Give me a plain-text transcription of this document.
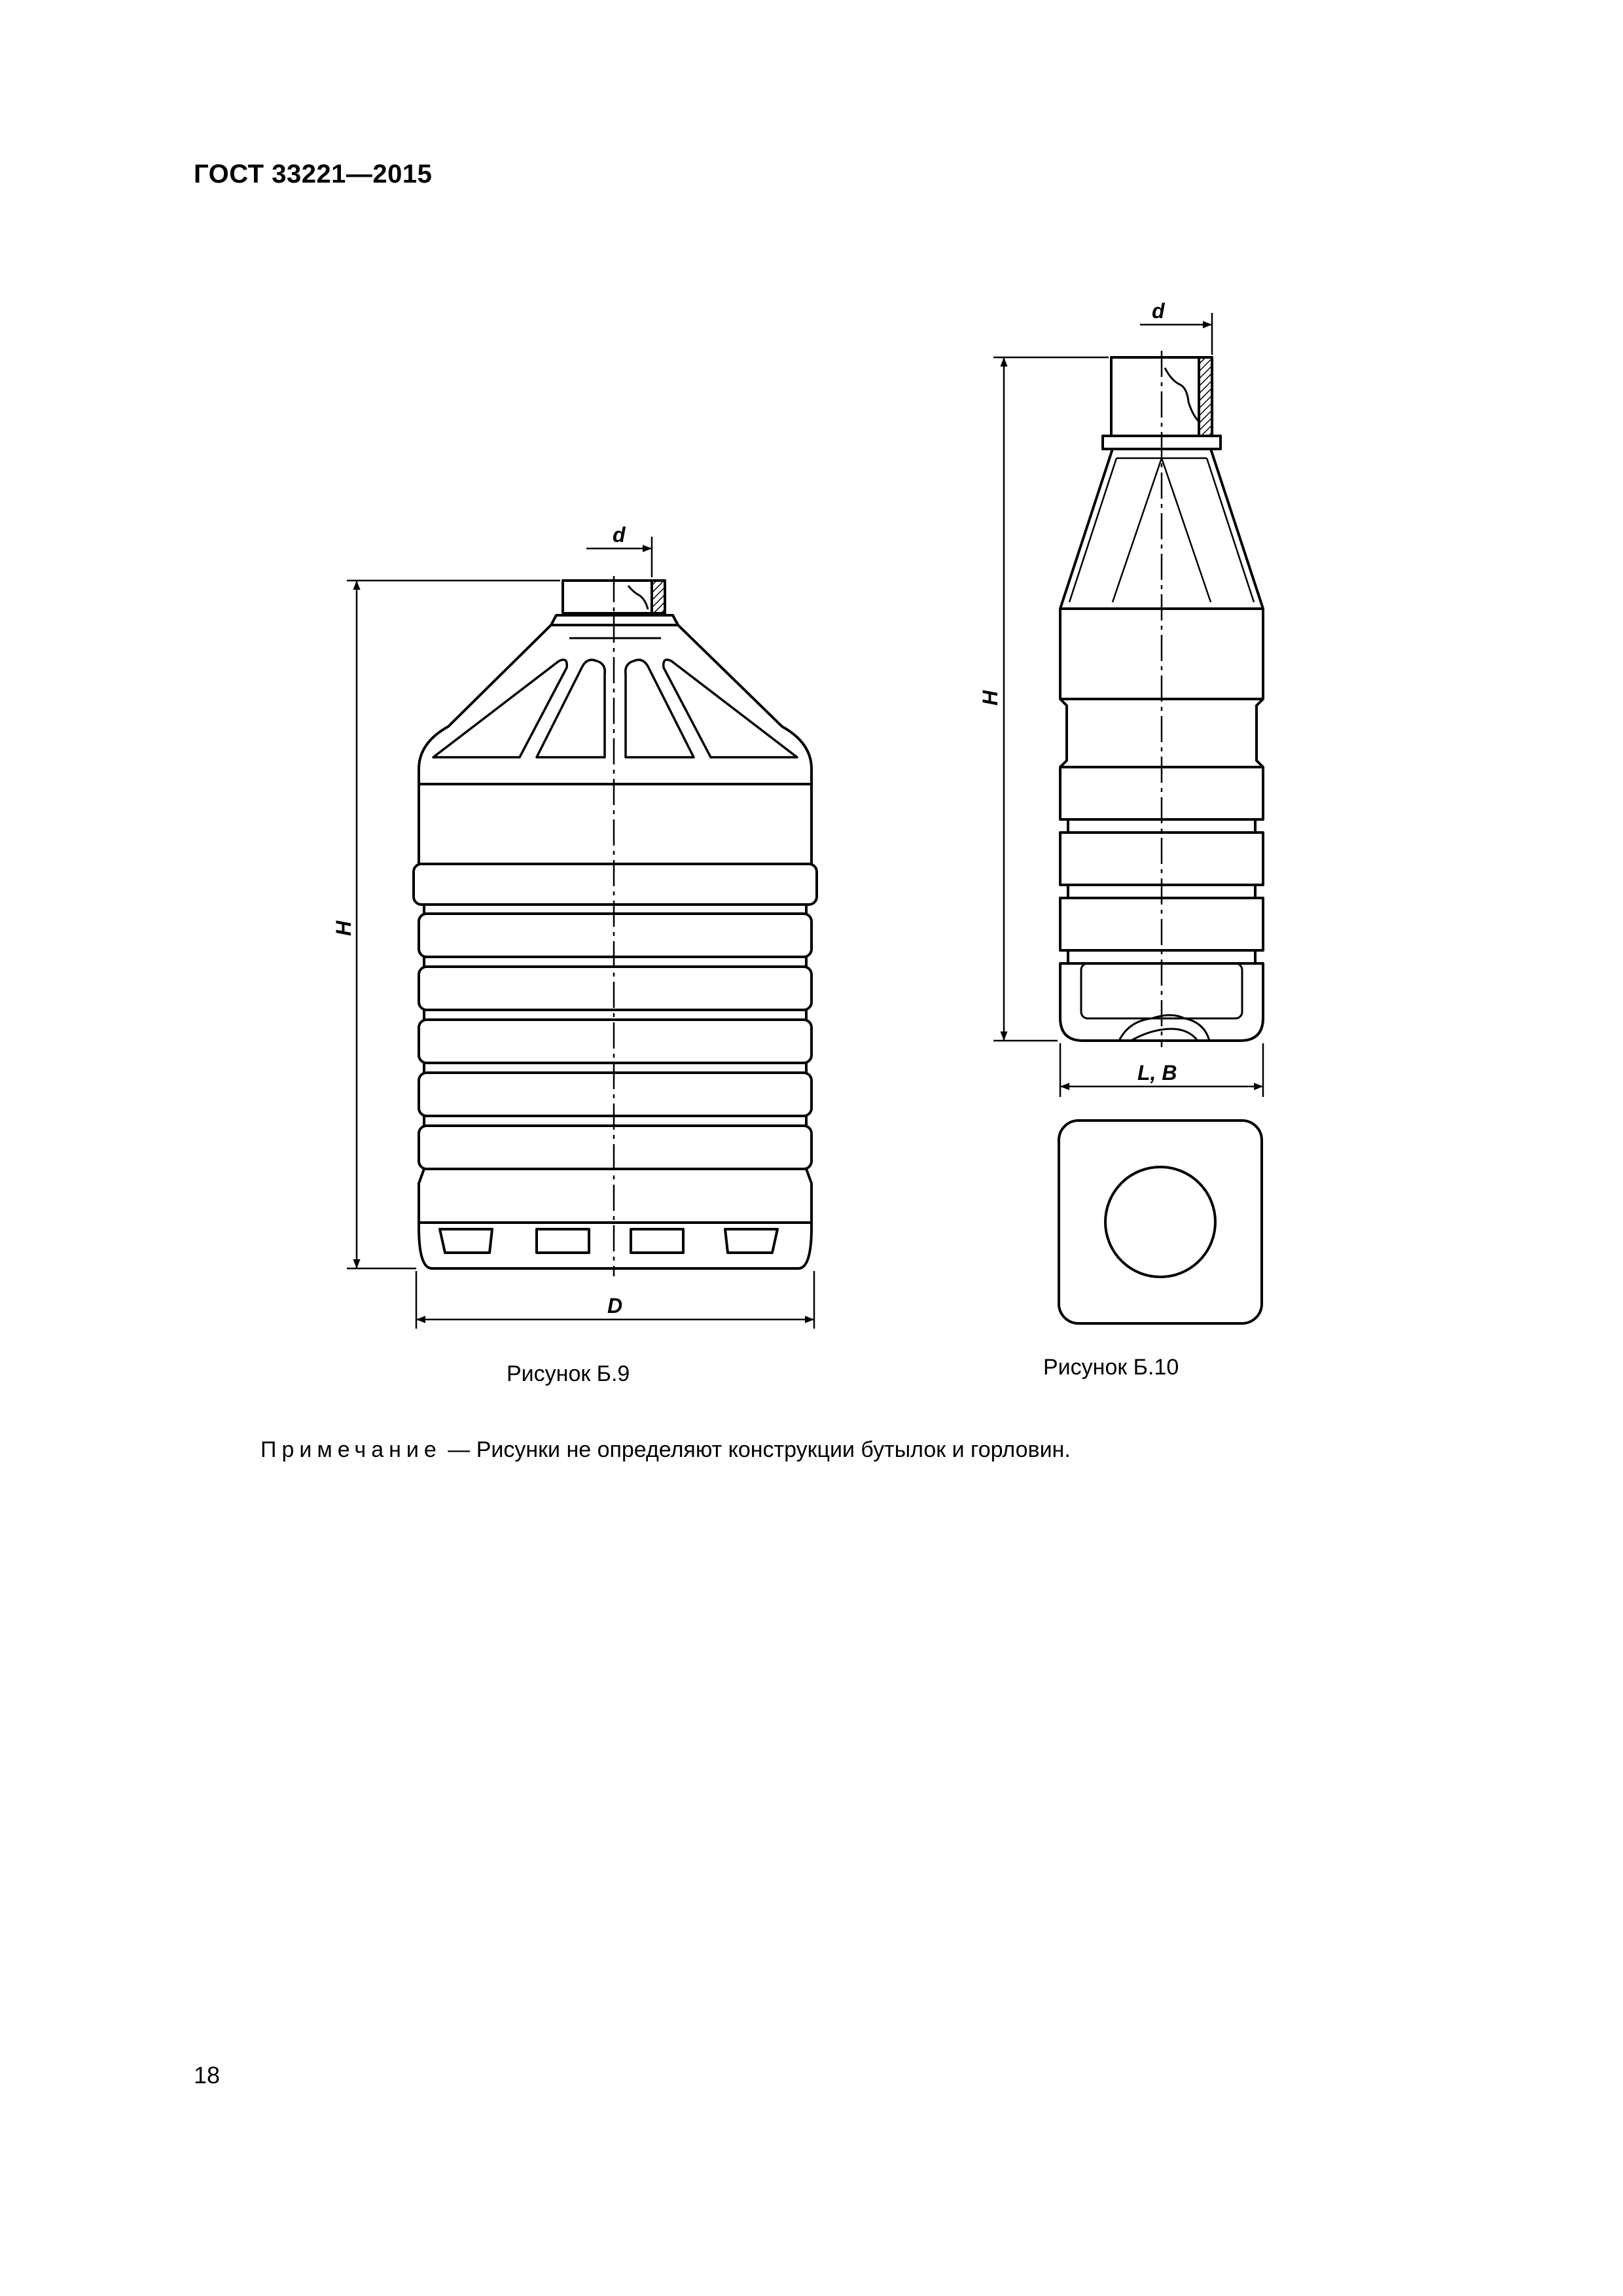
ГОСТ 33221—2015
d
H
D
d
H
L, B
Рисунок Б.9	Рисунок Б.10
Примечание — Рисунки не определяют конструкции бутылок и горловин.
18
